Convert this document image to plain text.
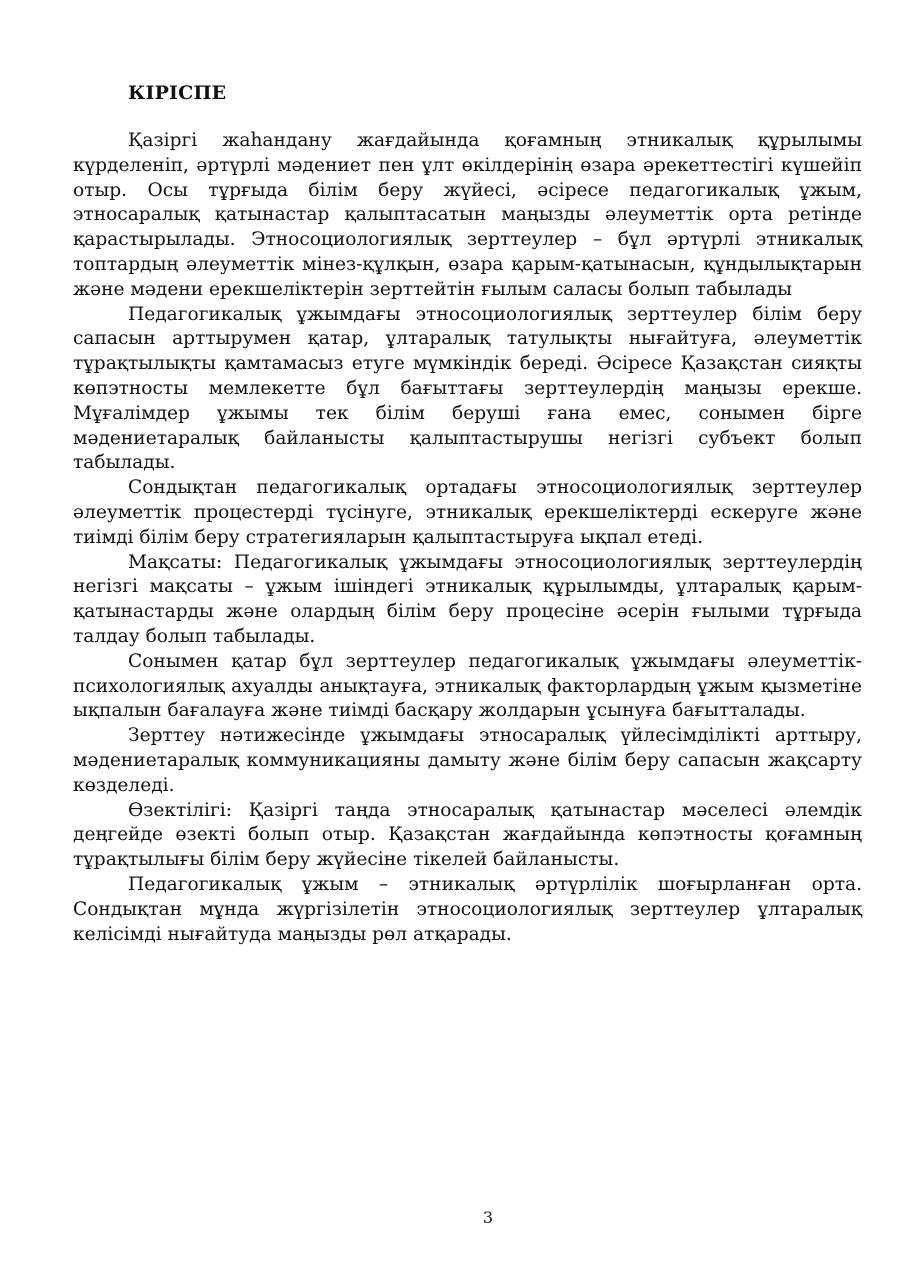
КІРІСПЕ

Қазіргі жаһандану жағдайында қоғамның этникалық құрылымы күрделеніп, әртүрлі мәдениет пен ұлт өкілдерінің өзара әрекеттестігі күшейіп отыр. Осы тұрғыда білім беру жүйесі, әсіресе педагогикалық ұжым, этносаралық қатынастар қалыптасатын маңызды әлеуметтік орта ретінде қарастырылады. Этносоциологиялық зерттеулер – бұл әртүрлі этникалық топтардың әлеуметтік мінез-құлқын, өзара қарым-қатынасын, құндылықтарын және мәдени ерекшеліктерін зерттейтін ғылым саласы болып табылады

Педагогикалық ұжымдағы этносоциологиялық зерттеулер білім беру сапасын арттырумен қатар, ұлтаралық татулықты нығайтуға, әлеуметтік тұрақтылықты қамтамасыз етуге мүмкіндік береді. Әсіресе Қазақстан сияқты көпэтносты мемлекетте бұл бағыттағы зерттеулердің маңызы ерекше. Мұғалімдер ұжымы тек білім беруші ғана емес, сонымен бірге мәдениетаралық байланысты қалыптастырушы негізгі субъект болып табылады.

Сондықтан педагогикалық ортадағы этносоциологиялық зерттеулер әлеуметтік процестерді түсінуге, этникалық ерекшеліктерді ескеруге және тиімді білім беру стратегияларын қалыптастыруға ықпал етеді.

Мақсаты: Педагогикалық ұжымдағы этносоциологиялық зерттеулердің негізгі мақсаты – ұжым ішіндегі этникалық құрылымды, ұлтаралық қарым-қатынастарды және олардың білім беру процесіне әсерін ғылыми тұрғыда талдау болып табылады.

Сонымен қатар бұл зерттеулер педагогикалық ұжымдағы әлеуметтік-психологиялық ахуалды анықтауға, этникалық факторлардың ұжым қызметіне ықпалын бағалауға және тиімді басқару жолдарын ұсынуға бағытталады.

Зерттеу нәтижесінде ұжымдағы этносаралық үйлесімділікті арттыру, мәдениетаралық коммуникацияны дамыту және білім беру сапасын жақсарту көзделеді.

Өзектілігі: Қазіргі таңда этносаралық қатынастар мәселесі әлемдік деңгейде өзекті болып отыр. Қазақстан жағдайында көпэтносты қоғамның тұрақтылығы білім беру жүйесіне тікелей байланысты.

Педагогикалық ұжым – этникалық әртүрлілік шоғырланған орта. Сондықтан мұнда жүргізілетін этносоциологиялық зерттеулер ұлтаралық келісімді нығайтуда маңызды рөл атқарады.

3
